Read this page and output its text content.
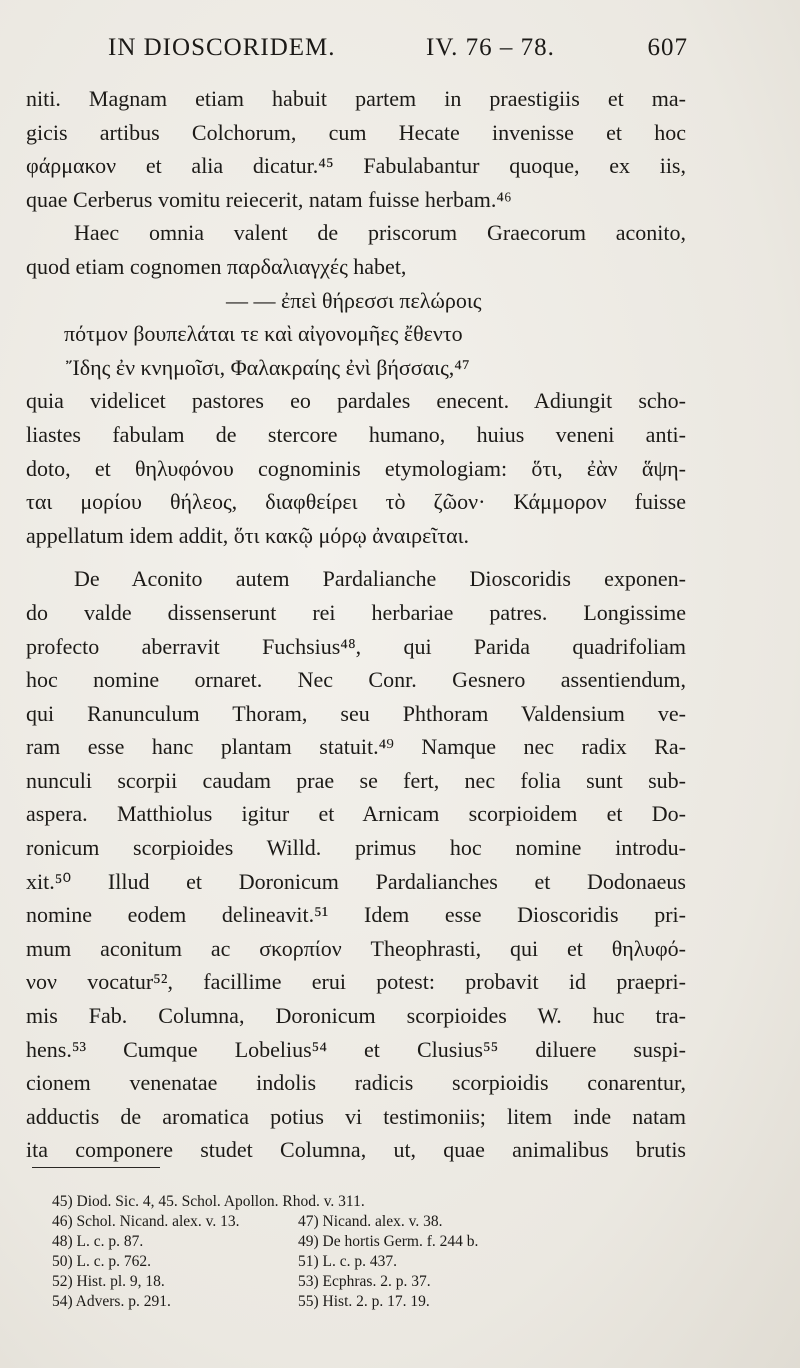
IN DIOSCORIDEM.	IV. 76 – 78.	607
niti. Magnam etiam habuit partem in praestigiis et ma-
gicis artibus Colchorum, cum Hecate invenisse et hoc
φάρμακον et alia dicatur.⁴⁵ Fabulabantur quoque, ex iis,
quae Cerberus vomitu reiecerit, natam fuisse herbam.⁴⁶
Haec omnia valent de priscorum Graecorum aconito,
quod etiam cognomen παρδαλιαγχές habet,
— — ἐπεὶ θήρεσσι πελώροις
πότμον βουπελάται τε καὶ αἰγονομῆες ἔθεντο
Ἴδης ἐν κνημοῖσι, Φαλακραίης ἐνὶ βήσσαις,⁴⁷
quia videlicet pastores eo pardales enecent. Adiungit scho-
liastes fabulam de stercore humano, huius veneni anti-
doto, et θηλυφόνου cognominis etymologiam: ὅτι, ἐὰν ἅψη-
ται μορίου θήλεος, διαφθείρει τὸ ζῶον· Κάμμορον fuisse
appellatum idem addit, ὅτι κακῷ μόρῳ ἀναιρεῖται.
De Aconito autem Pardalianche Dioscoridis exponen-
do valde dissenserunt rei herbariae patres. Longissime
profecto aberravit Fuchsius⁴⁸, qui Parida quadrifoliam
hoc nomine ornaret. Nec Conr. Gesnero assentiendum,
qui Ranunculum Thoram, seu Phthoram Valdensium ve-
ram esse hanc plantam statuit.⁴⁹ Namque nec radix Ra-
nunculi scorpii caudam prae se fert, nec folia sunt sub-
aspera. Matthiolus igitur et Arnicam scorpioidem et Do-
ronicum scorpioides Willd. primus hoc nomine introdu-
xit.⁵⁰ Illud et Doronicum Pardalianches et Dodonaeus
nomine eodem delineavit.⁵¹ Idem esse Dioscoridis pri-
mum aconitum ac σκορπίον Theophrasti, qui et θηλυφό-
νον vocatur⁵², facillime erui potest: probavit id praepri-
mis Fab. Columna, Doronicum scorpioides W. huc tra-
hens.⁵³ Cumque Lobelius⁵⁴ et Clusius⁵⁵ diluere suspi-
cionem venenatae indolis radicis scorpioidis conarentur,
adductis de aromatica potius vi testimoniis; litem inde natam
ita componere studet Columna, ut, quae animalibus brutis
45) Diod. Sic. 4, 45. Schol. Apollon. Rhod. v. 311.
46) Schol. Nicand. alex. v. 13.	47) Nicand. alex. v. 38.
48) L. c. p. 87.	49) De hortis Germ. f. 244 b.
50) L. c. p. 762.	51) L. c. p. 437.
52) Hist. pl. 9, 18.	53) Ecphras. 2. p. 37.
54) Advers. p. 291.	55) Hist. 2. p. 17. 19.
